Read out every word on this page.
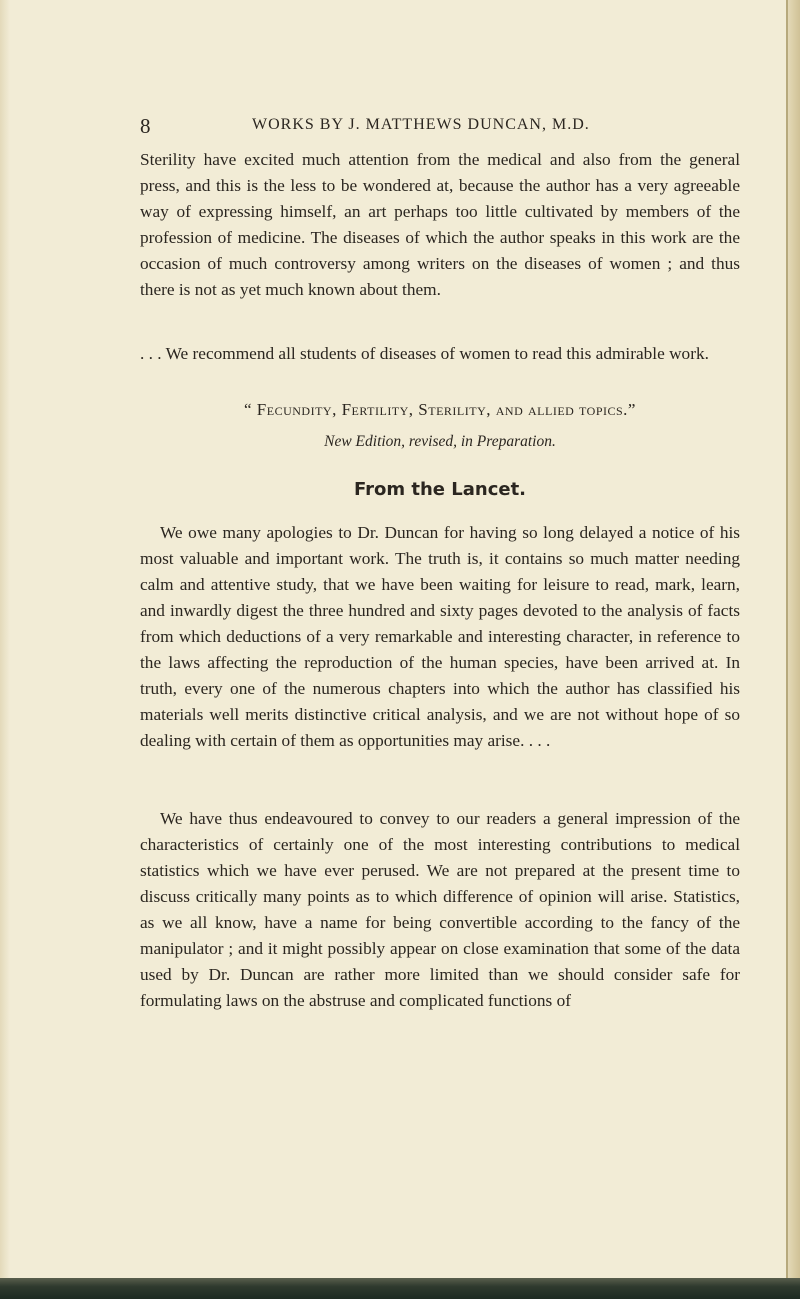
8	WORKS BY J. MATTHEWS DUNCAN, M.D.

Sterility have excited much attention from the medical and also from the general press, and this is the less to be wondered at, because the author has a very agreeable way of expressing himself, an art perhaps too little cultivated by members of the profession of medicine. The diseases of which the author speaks in this work are the occasion of much controversy among writers on the diseases of women ; and thus there is not as yet much known about them.

. . . We recommend all students of diseases of women to read this admirable work.

“ Fecundity, Fertility, Sterility, and allied topics.”

New Edition, revised, in Preparation.

From the Lancet.

We owe many apologies to Dr. Duncan for having so long delayed a notice of his most valuable and important work. The truth is, it contains so much matter needing calm and attentive study, that we have been waiting for leisure to read, mark, learn, and inwardly digest the three hundred and sixty pages devoted to the analysis of facts from which deductions of a very remarkable and interesting character, in reference to the laws affecting the reproduction of the human species, have been arrived at. In truth, every one of the numerous chapters into which the author has classified his materials well merits distinctive critical analysis, and we are not without hope of so dealing with certain of them as opportunities may arise. . . .

We have thus endeavoured to convey to our readers a general impression of the characteristics of certainly one of the most interesting contributions to medical statistics which we have ever perused. We are not prepared at the present time to discuss critically many points as to which difference of opinion will arise. Statistics, as we all know, have a name for being convertible according to the fancy of the manipulator ; and it might possibly appear on close examination that some of the data used by Dr. Duncan are rather more limited than we should consider safe for formulating laws on the abstruse and complicated functions of
